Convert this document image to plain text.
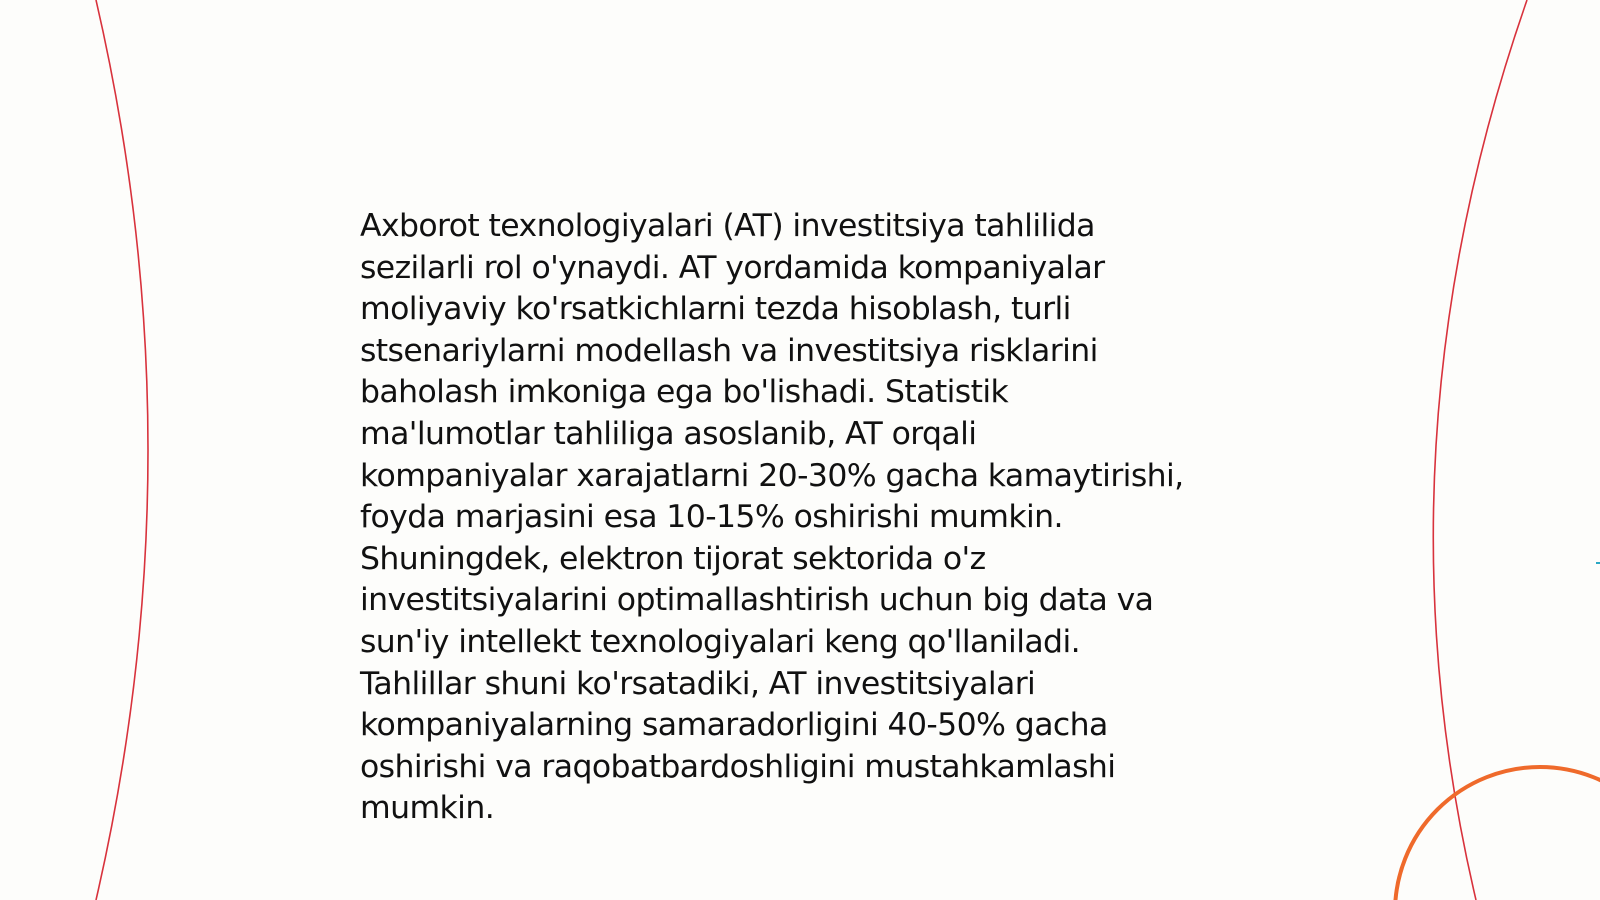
Axborot texnologiyalari (AT) investitsiya tahlilida
sezilarli rol o'ynaydi. AT yordamida kompaniyalar
moliyaviy ko'rsatkichlarni tezda hisoblash, turli
stsenariylarni modellash va investitsiya risklarini
baholash imkoniga ega bo'lishadi. Statistik
ma'lumotlar tahliliga asoslanib, AT orqali
kompaniyalar xarajatlarni 20-30% gacha kamaytirishi,
foyda marjasini esa 10-15% oshirishi mumkin.
Shuningdek, elektron tijorat sektorida o'z
investitsiyalarini optimallashtirish uchun big data va
sun'iy intellekt texnologiyalari keng qo'llaniladi.
Tahlillar shuni ko'rsatadiki, AT investitsiyalari
kompaniyalarning samaradorligini 40-50% gacha
oshirishi va raqobatbardoshligini mustahkamlashi
mumkin.
